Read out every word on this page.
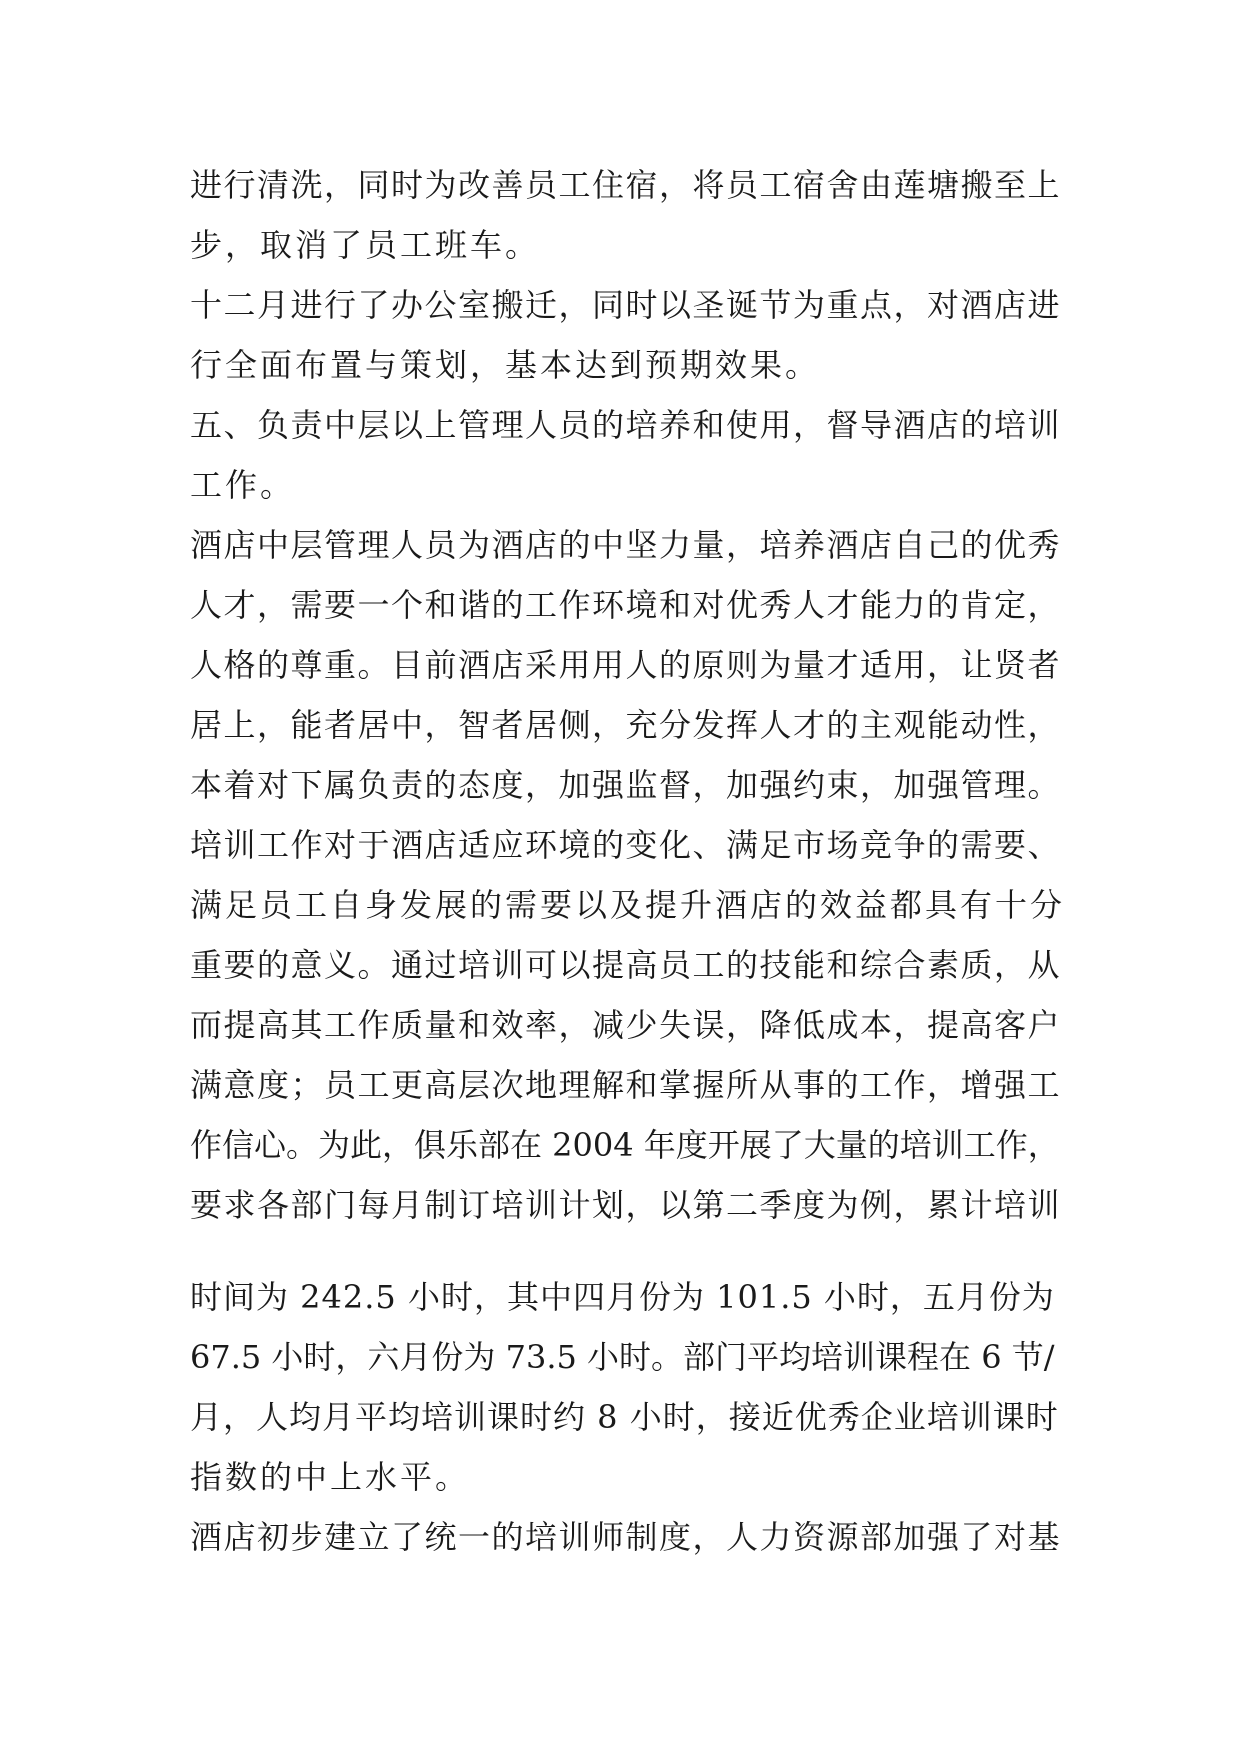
进行清洗，同时为改善员工住宿，将员工宿舍由莲塘搬至上
步，取消了员工班车。
十二月进行了办公室搬迁，同时以圣诞节为重点，对酒店进
行全面布置与策划，基本达到预期效果。
五、负责中层以上管理人员的培养和使用，督导酒店的培训
工作。
酒店中层管理人员为酒店的中坚力量，培养酒店自己的优秀
人才，需要一个和谐的工作环境和对优秀人才能力的肯定，
人格的尊重。目前酒店采用用人的原则为量才适用，让贤者
居上，能者居中，智者居侧，充分发挥人才的主观能动性，
本着对下属负责的态度，加强监督，加强约束，加强管理。
培训工作对于酒店适应环境的变化、满足市场竞争的需要、
满足员工自身发展的需要以及提升酒店的效益都具有十分
重要的意义。通过培训可以提高员工的技能和综合素质，从
而提高其工作质量和效率，减少失误，降低成本，提高客户
满意度；员工更高层次地理解和掌握所从事的工作，增强工
作信心。为此，俱乐部在 2004 年度开展了大量的培训工作，
要求各部门每月制订培训计划，以第二季度为例，累计培训
时间为 242.5 小时，其中四月份为 101.5 小时，五月份为
67.5 小时，六月份为 73.5 小时。部门平均培训课程在 6 节/
月，人均月平均培训课时约 8 小时，接近优秀企业培训课时
指数的中上水平。
酒店初步建立了统一的培训师制度，人力资源部加强了对基
